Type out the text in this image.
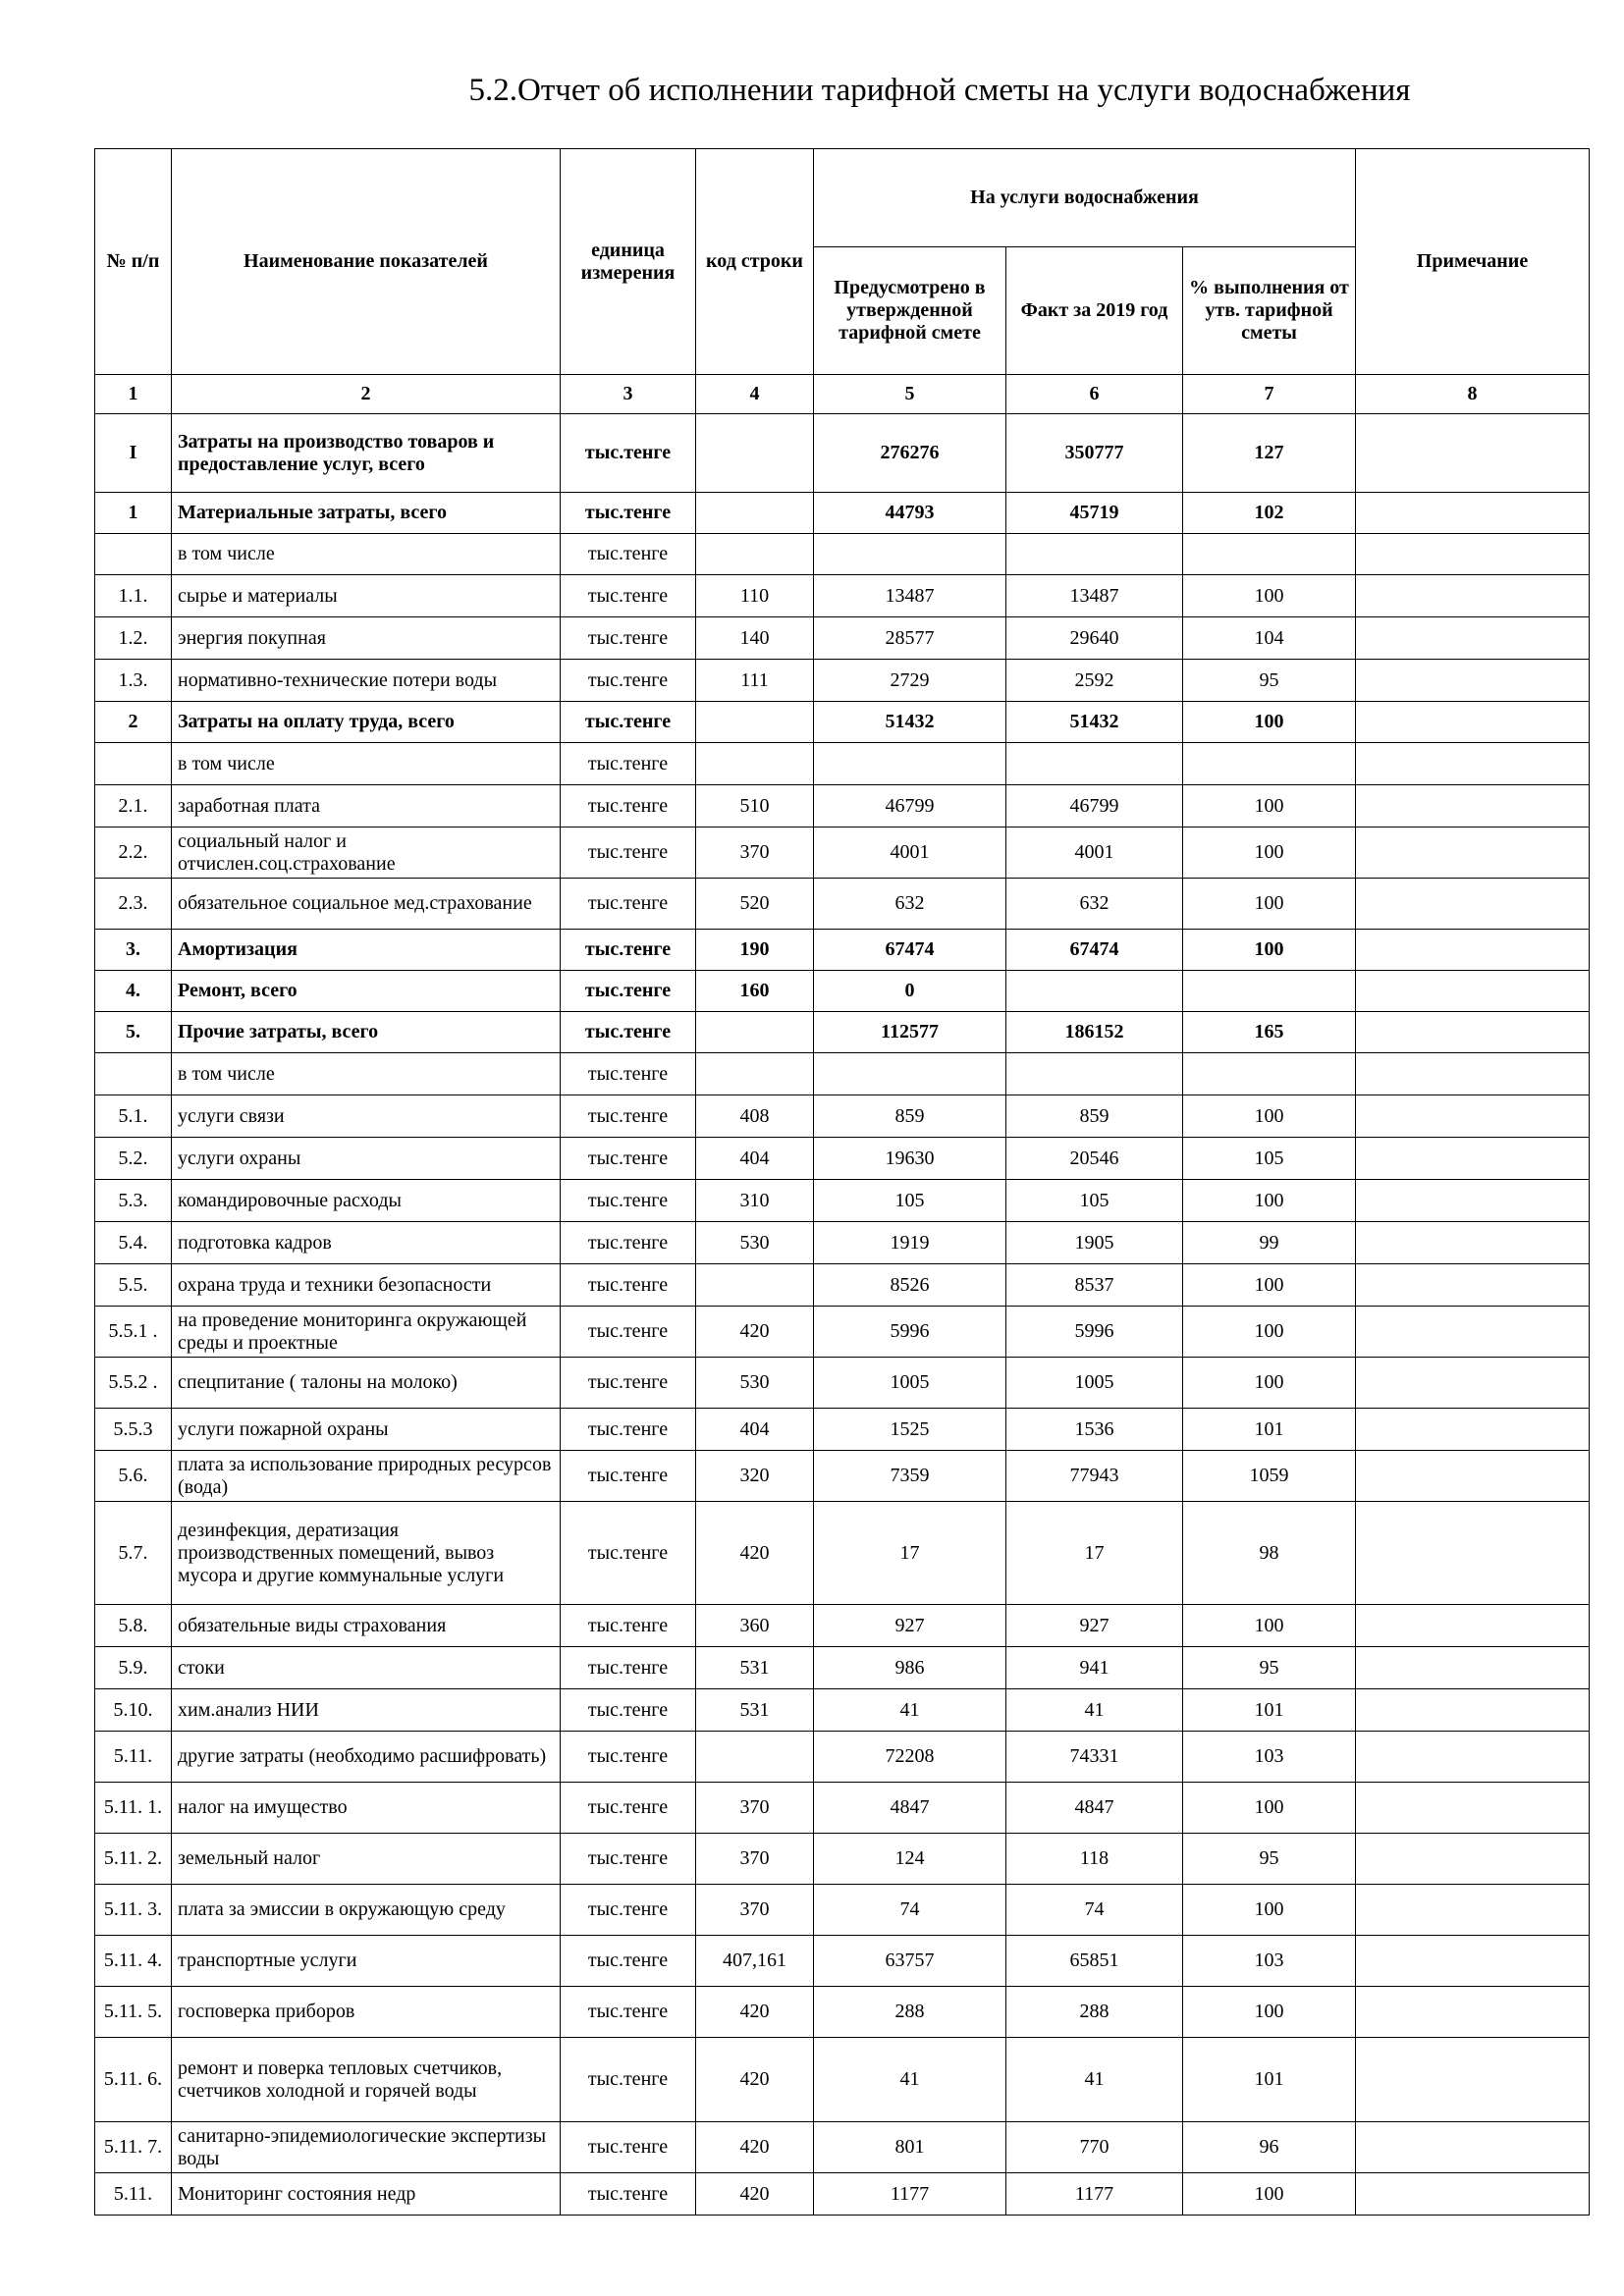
5.2.Отчет об исполнении тарифной сметы на услуги водоснабжения
№ п/п	Наименование показателей	единица измерения	код строки	На услуги водоснабжения			Примечание
				Предусмотрено в утвержденной тарифной смете	Факт за 2019 год	% выполнения от утв. тарифной сметы	
1	2	3	4	5	6	7	8
I	Затраты на производство товаров и предоставление услуг, всего	тыс.тенге		276276	350777	127	
1	Материальные затраты, всего	тыс.тенге		44793	45719	102	
	в том числе	тыс.тенге					
1.1.	сырье и материалы	тыс.тенге	110	13487	13487	100	
1.2.	энергия покупная	тыс.тенге	140	28577	29640	104	
1.3.	нормативно-технические потери воды	тыс.тенге	111	2729	2592	95	
2	Затраты на оплату труда, всего	тыс.тенге		51432	51432	100	
	в том числе	тыс.тенге					
2.1.	заработная плата	тыс.тенге	510	46799	46799	100	
2.2.	социальный налог и отчислен.соц.страхование	тыс.тенге	370	4001	4001	100	
2.3.	обязательное социальное мед.страхование	тыс.тенге	520	632	632	100	
3.	Амортизация	тыс.тенге	190	67474	67474	100	
4.	Ремонт, всего	тыс.тенге	160	0			
5.	Прочие затраты, всего	тыс.тенге		112577	186152	165	
	в том числе	тыс.тенге					
5.1.	услуги связи	тыс.тенге	408	859	859	100	
5.2.	услуги охраны	тыс.тенге	404	19630	20546	105	
5.3.	командировочные расходы	тыс.тенге	310	105	105	100	
5.4.	подготовка кадров	тыс.тенге	530	1919	1905	99	
5.5.	охрана труда и техники безопасности	тыс.тенге		8526	8537	100	
5.5.1 .	на проведение мониторинга окружающей среды и проектные	тыс.тенге	420	5996	5996	100	
5.5.2 .	спецпитание ( талоны на молоко)	тыс.тенге	530	1005	1005	100	
5.5.3	услуги пожарной охраны	тыс.тенге	404	1525	1536	101	
5.6.	плата за использование природных ресурсов (вода)	тыс.тенге	320	7359	77943	1059	
5.7.	дезинфекция, дератизация производственных помещений, вывоз мусора и другие коммунальные услуги	тыс.тенге	420	17	17	98	
5.8.	обязательные виды страхования	тыс.тенге	360	927	927	100	
5.9.	стоки	тыс.тенге	531	986	941	95	
5.10.	хим.анализ НИИ	тыс.тенге	531	41	41	101	
5.11.	другие затраты (необходимо расшифровать)	тыс.тенге		72208	74331	103	
5.11. 1.	налог на имущество	тыс.тенге	370	4847	4847	100	
5.11. 2.	земельный налог	тыс.тенге	370	124	118	95	
5.11. 3.	плата за эмиссии в окружающую среду	тыс.тенге	370	74	74	100	
5.11. 4.	транспортные услуги	тыс.тенге	407,161	63757	65851	103	
5.11. 5.	госповерка приборов	тыс.тенге	420	288	288	100	
5.11. 6.	ремонт и поверка тепловых счетчиков, счетчиков холодной и горячей воды	тыс.тенге	420	41	41	101	
5.11. 7.	санитарно-эпидемиологические экспертизы воды	тыс.тенге	420	801	770	96	
5.11.	Мониторинг состояния недр	тыс.тенге	420	1177	1177	100	
